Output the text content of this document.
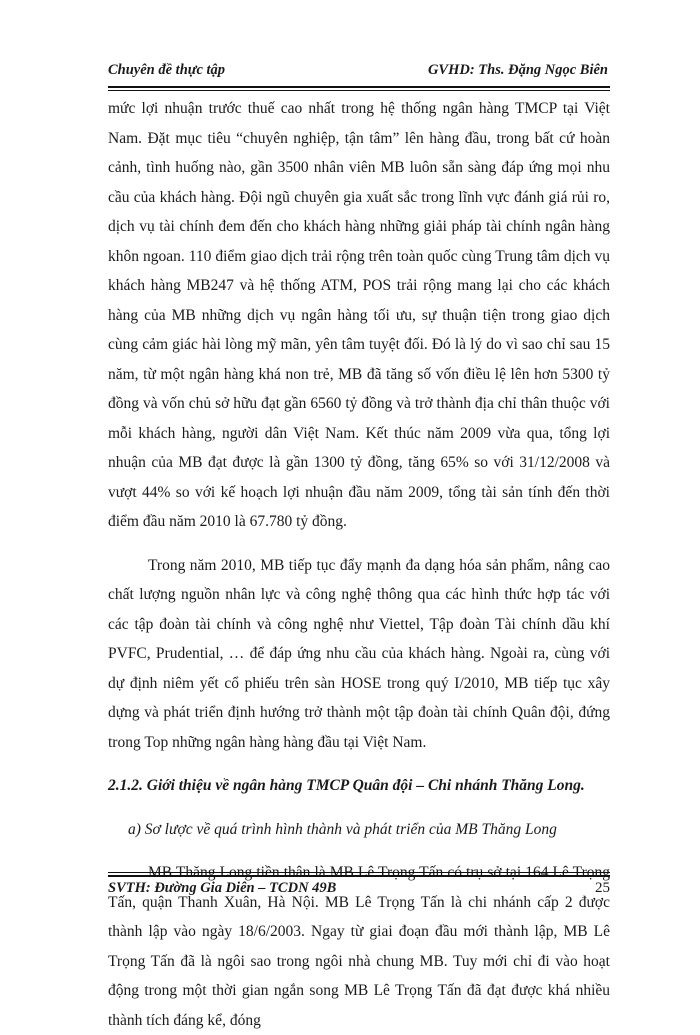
Chuyên đề thực tập	GVHD: Ths. Đặng Ngọc Biên

mức lợi nhuận trước thuế cao nhất trong hệ thống ngân hàng TMCP tại Việt Nam. Đặt mục tiêu “chuyên nghiệp, tận tâm” lên hàng đầu, trong bất cứ hoàn cảnh, tình huống nào, gần 3500 nhân viên MB luôn sẵn sàng đáp ứng mọi nhu cầu của khách hàng. Đội ngũ chuyên gia xuất sắc trong lĩnh vực đánh giá rủi ro, dịch vụ tài chính đem đến cho khách hàng những giải pháp tài chính ngân hàng khôn ngoan. 110 điểm giao dịch trải rộng trên toàn quốc cùng Trung tâm dịch vụ khách hàng MB247 và hệ thống ATM, POS trải rộng mang lại cho các khách hàng của MB những dịch vụ ngân hàng tối ưu, sự thuận tiện trong giao dịch cùng cảm giác hài lòng mỹ mãn, yên tâm tuyệt đối. Đó là lý do vì sao chỉ sau 15 năm, từ một ngân hàng khá non trẻ, MB đã tăng số vốn điều lệ lên hơn 5300 tỷ đồng và vốn chủ sở hữu đạt gần 6560 tỷ đồng và trở thành địa chỉ thân thuộc với mỗi khách hàng, người dân Việt Nam. Kết thúc năm 2009 vừa qua, tổng lợi nhuận của MB đạt được là gần 1300 tỷ đồng, tăng 65% so với 31/12/2008 và vượt 44% so với kế hoạch lợi nhuận đầu năm 2009, tổng tài sản tính đến thời điểm đầu năm 2010 là 67.780 tỷ đồng.

Trong năm 2010, MB tiếp tục đẩy mạnh đa dạng hóa sản phẩm, nâng cao chất lượng nguồn nhân lực và công nghệ thông qua các hình thức hợp tác với các tập đoàn tài chính và công nghệ như Viettel, Tập đoàn Tài chính dầu khí PVFC, Prudential, … để đáp ứng nhu cầu của khách hàng. Ngoài ra, cùng với dự định niêm yết cổ phiếu trên sàn HOSE trong quý I/2010, MB tiếp tục xây dựng và phát triển định hướng trở thành một tập đoàn tài chính Quân đội, đứng trong Top những ngân hàng hàng đầu tại Việt Nam.

2.1.2. Giới thiệu về ngân hàng TMCP Quân đội – Chi nhánh Thăng Long.

a) Sơ lược về quá trình hình thành và phát triển của MB Thăng Long

MB Thăng Long tiền thân là MB Lê Trọng Tấn có trụ sở tại 164 Lê Trọng Tấn, quận Thanh Xuân, Hà Nội. MB Lê Trọng Tấn là chi nhánh cấp 2 được thành lập vào ngày 18/6/2003. Ngay từ giai đoạn đầu mới thành lập, MB Lê Trọng Tấn đã là ngôi sao trong ngôi nhà chung MB. Tuy mới chỉ đi vào hoạt động trong một thời gian ngắn song MB Lê Trọng Tấn đã đạt được khá nhiều thành tích đáng kể, đóng

SVTH: Đường Gia Diên – TCDN 49B	25
